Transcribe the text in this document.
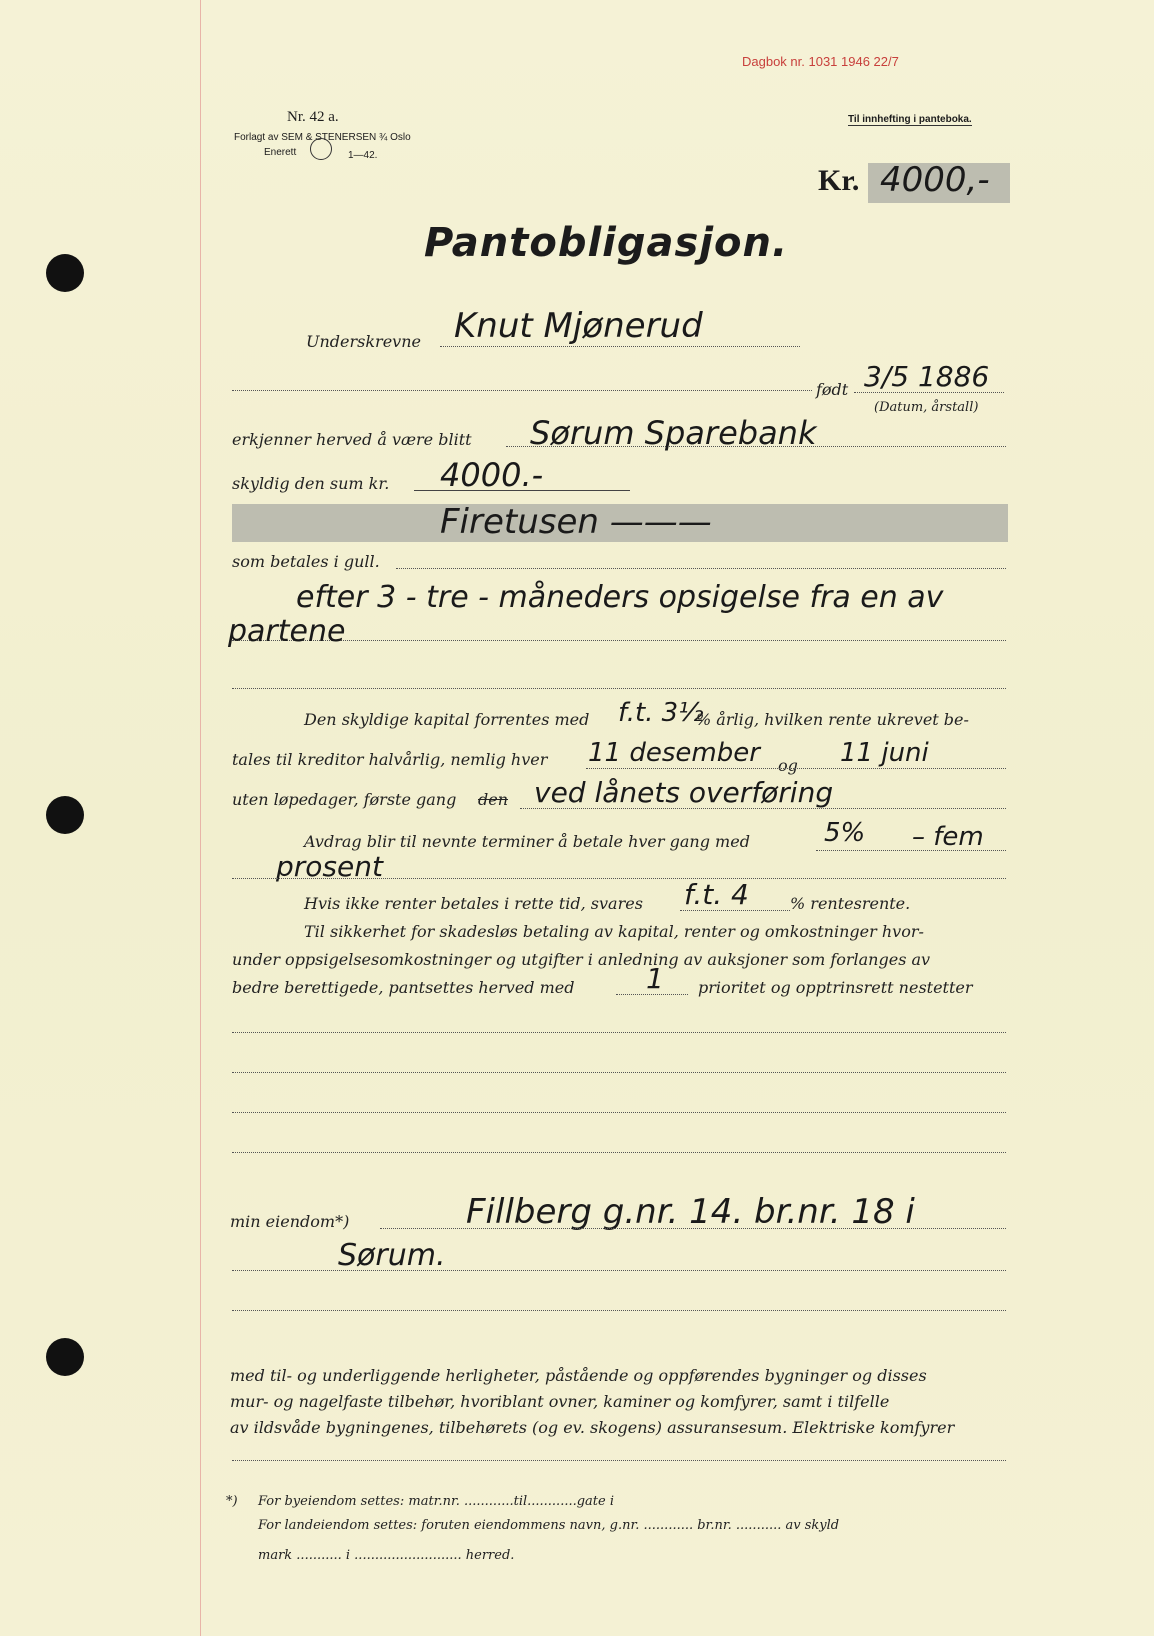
Nr. 42 a.
Forlagt av SEM & STENERSEN ¾ Oslo
Enerett	1—42.
Dagbok nr. 1031 1946 22/7
Til innhefting i panteboka.
Kr. 4000,-
Pantobligasjon.
Underskrevne Knut Mjønerud
født 3/5 1886
(Datum, årstall)
erkjenner herved å være blitt Sørum Sparebank
skyldig den sum kr. 4000.-
Firetusen ———
som betales i gull.
efter 3 - tre - måneders opsigelse fra en av
partene
Den skyldige kapital forrentes med f.t. 3½
% årlig, hvilken rente ukrevet be-
tales til kreditor halvårlig, nemlig hver 11 desember og 11 juni
uten løpedager, første gang den ved lånets overføring
Avdrag blir til nevnte terminer å betale hver gang med	5% – fem
prosent
Hvis ikke renter betales i rette tid, svares f.t. 4	% rentesrente.
Til sikkerhet for skadesløs betaling av kapital, renter og omkostninger hvor-
under oppsigelsesomkostninger og utgifter i anledning av auksjoner som forlanges av
bedre berettigede, pantsettes herved med	1 prioritet og opptrinsrett nestetter
min eiendom*)	Fillberg g.nr. 14. br.nr. 18 i
Sørum.
med til- og underliggende herligheter, påstående og oppførendes bygninger og disses
mur- og nagelfaste tilbehør, hvoriblant ovner, kaminer og komfyrer, samt i tilfelle
av ildsvåde bygningenes, tilbehørets (og ev. skogens) assuransesum. Elektriske komfyrer
*) For byeiendom settes: matr.nr. ............til............gate i
For landeiendom settes: foruten eiendommens navn, g.nr. ............ br.nr. ........... av skyld
mark ........... i .......................... herred.
